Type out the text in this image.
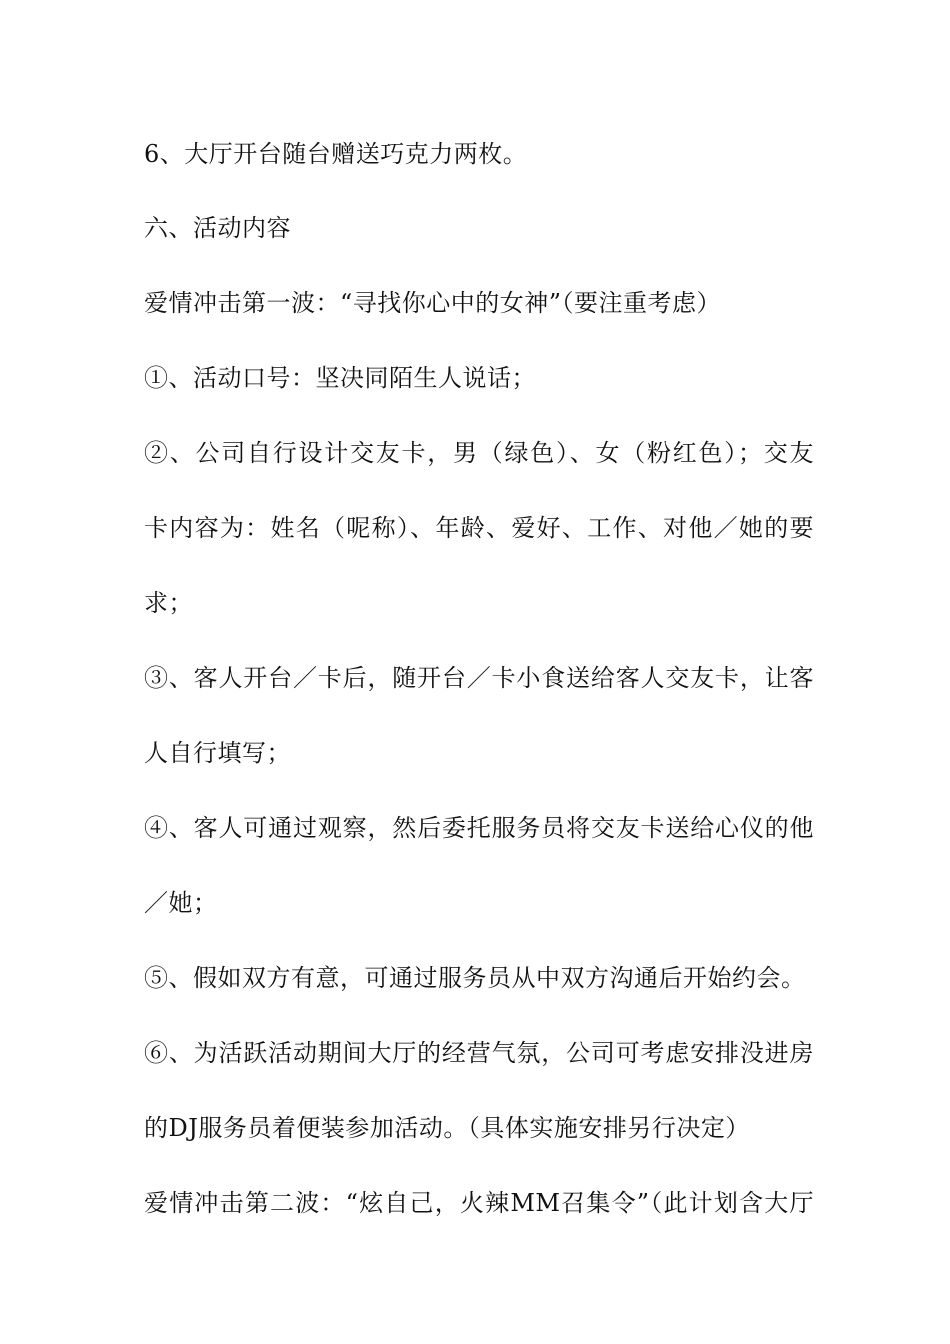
6、大厅开台随台赠送巧克力两枚。
六、活动内容
爱情冲击第一波：“寻找你心中的女神”（要注重考虑）
①、活动口号：坚决同陌生人说话；
②、公司自行设计交友卡，男（绿色）、女（粉红色）；交友
卡内容为：姓名（呢称）、年龄、爱好、工作、对他／她的要
求；
③、客人开台／卡后，随开台／卡小食送给客人交友卡，让客
人自行填写；
④、客人可通过观察，然后委托服务员将交友卡送给心仪的他
／她；
⑤、假如双方有意，可通过服务员从中双方沟通后开始约会。
⑥、为活跃活动期间大厅的经营气氛，公司可考虑安排没进房
的DJ服务员着便装参加活动。（具体实施安排另行决定）
爱情冲击第二波：“炫自己，火辣MM召集令”（此计划含大厅
